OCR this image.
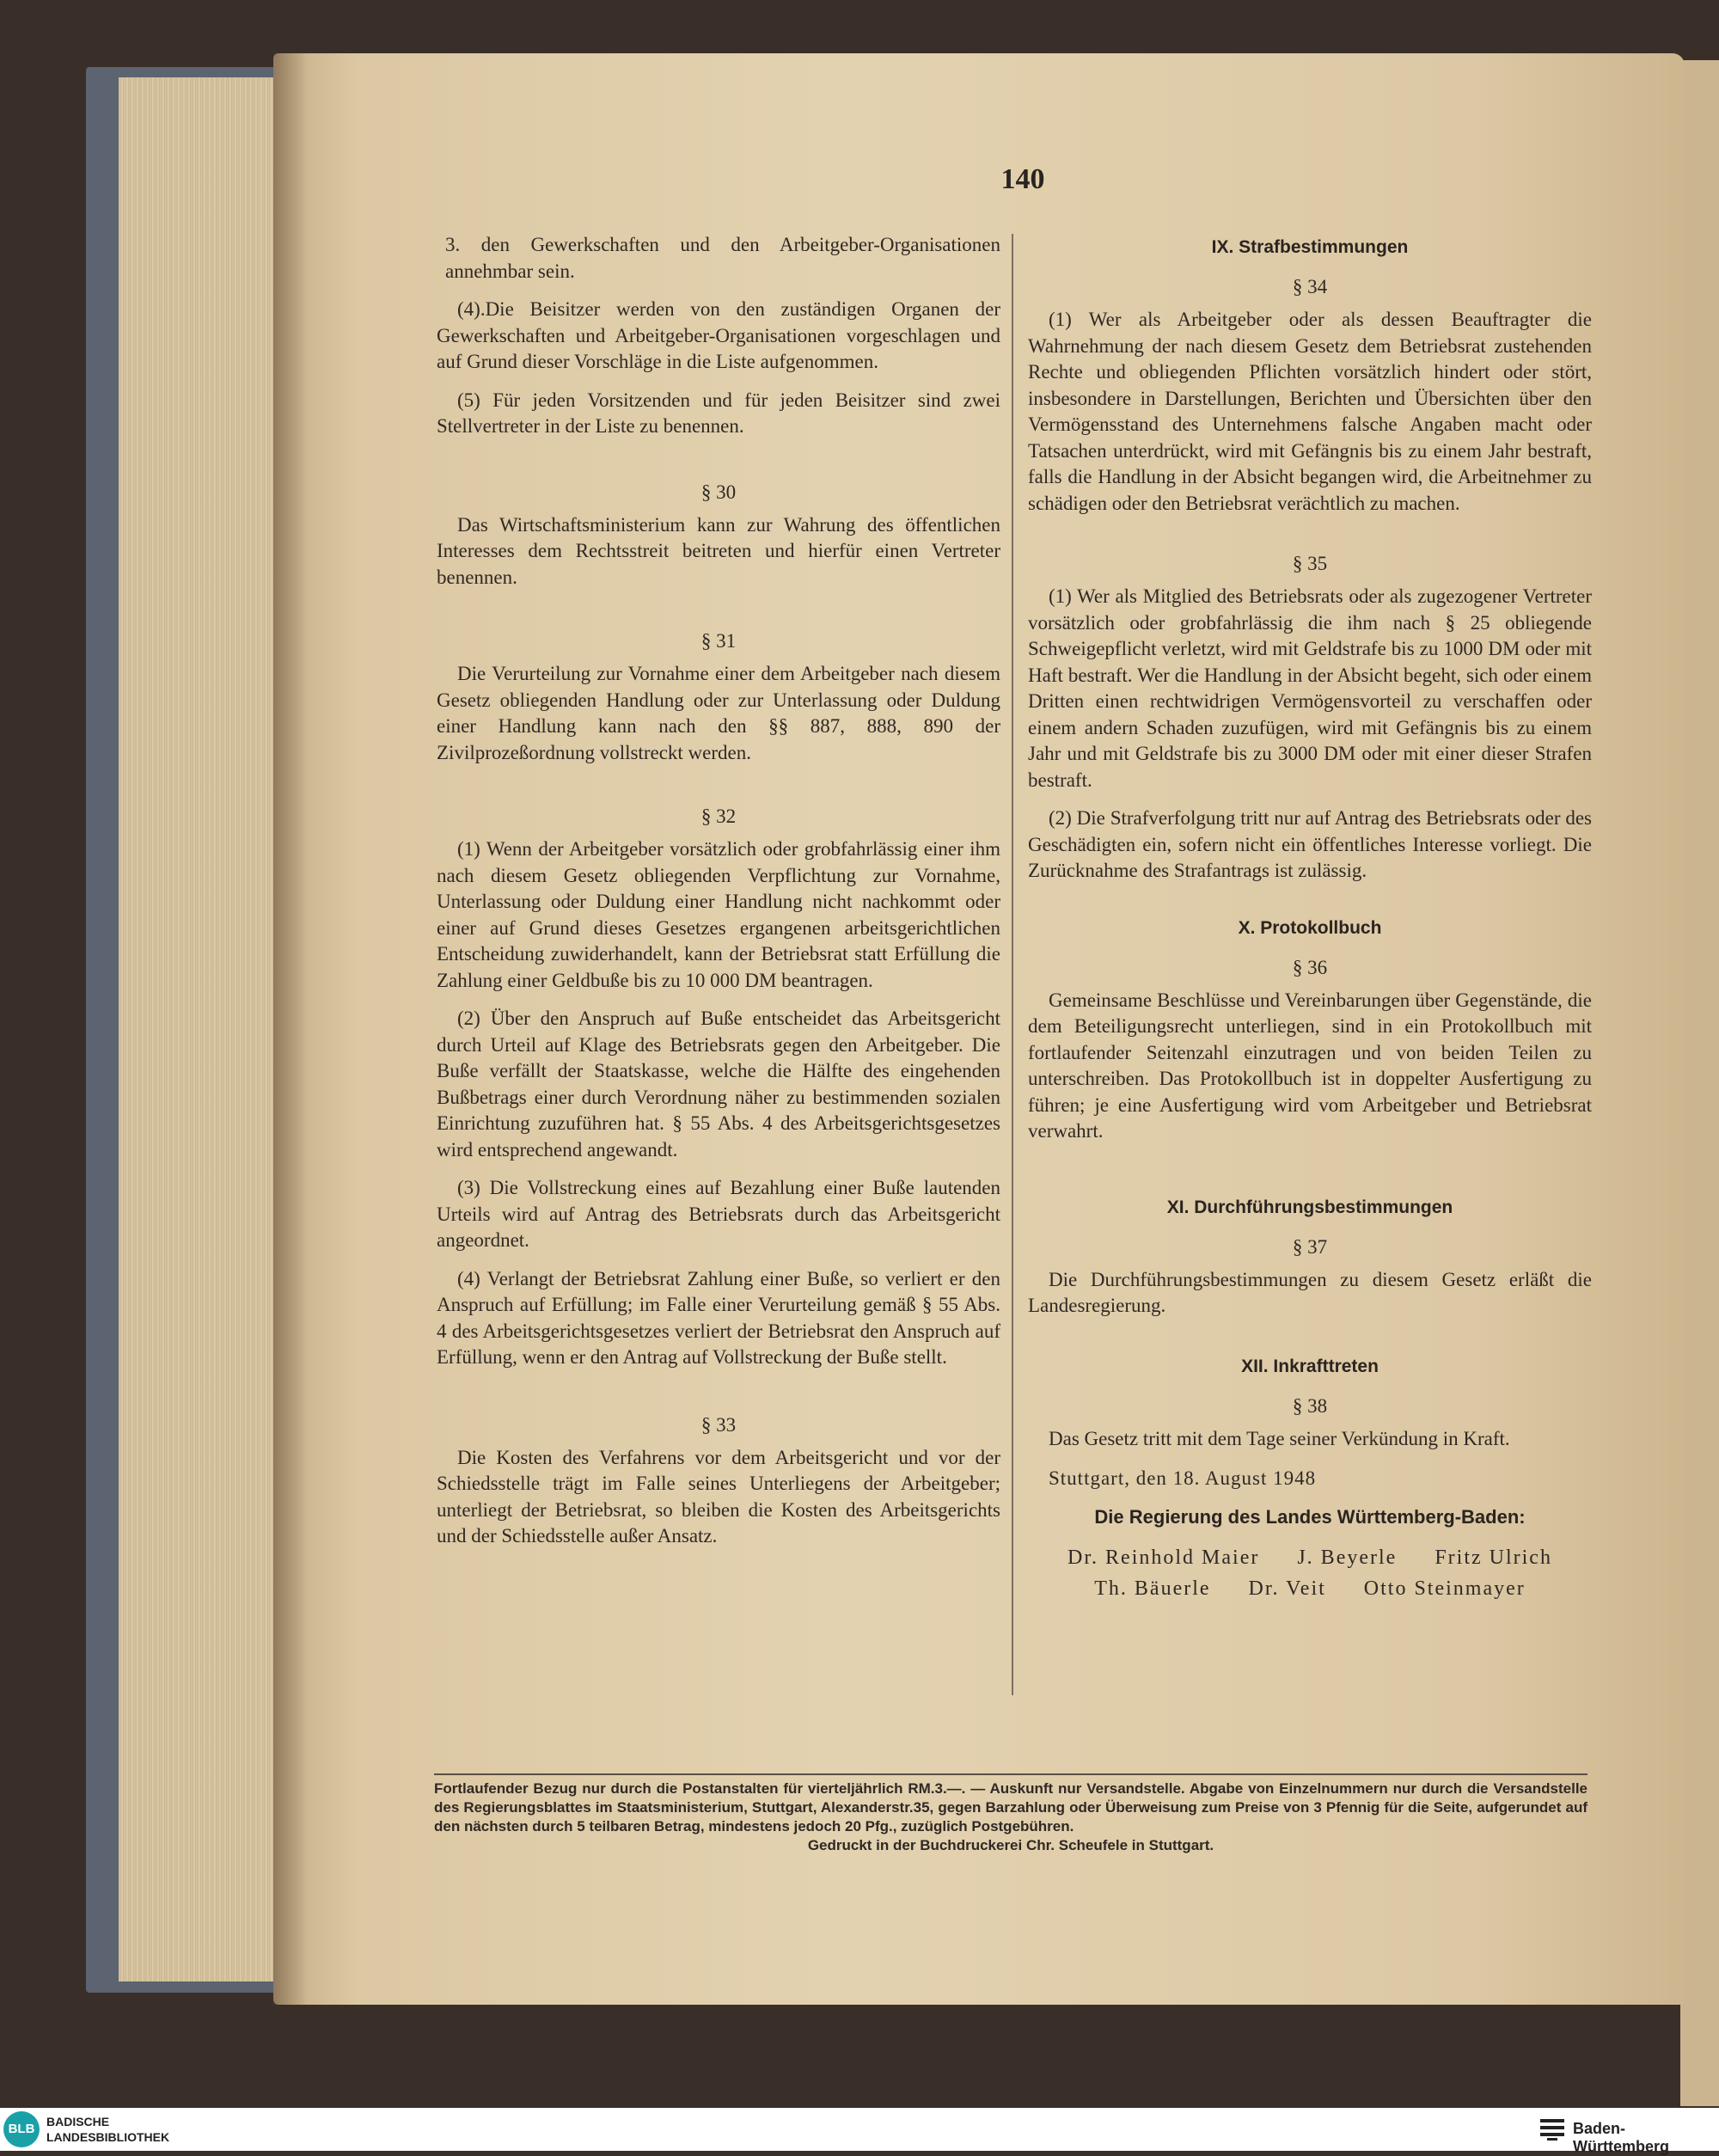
140

3. den Gewerkschaften und den Arbeitgeber-Organisationen annehmbar sein.

(4).Die Beisitzer werden von den zuständigen Organen der Gewerkschaften und Arbeitgeber-Organisationen vorgeschlagen und auf Grund dieser Vorschläge in die Liste aufgenommen.

(5) Für jeden Vorsitzenden und für jeden Beisitzer sind zwei Stellvertreter in der Liste zu benennen.

§ 30

Das Wirtschaftsministerium kann zur Wahrung des öffentlichen Interesses dem Rechtsstreit beitreten und hierfür einen Vertreter benennen.

§ 31

Die Verurteilung zur Vornahme einer dem Arbeitgeber nach diesem Gesetz obliegenden Handlung oder zur Unterlassung oder Duldung einer Handlung kann nach den §§ 887, 888, 890 der Zivilprozeßordnung vollstreckt werden.

§ 32

(1) Wenn der Arbeitgeber vorsätzlich oder grobfahrlässig einer ihm nach diesem Gesetz obliegenden Verpflichtung zur Vornahme, Unterlassung oder Duldung einer Handlung nicht nachkommt oder einer auf Grund dieses Gesetzes ergangenen arbeitsgerichtlichen Entscheidung zuwiderhandelt, kann der Betriebsrat statt Erfüllung die Zahlung einer Geldbuße bis zu 10 000 DM beantragen.

(2) Über den Anspruch auf Buße entscheidet das Arbeitsgericht durch Urteil auf Klage des Betriebsrats gegen den Arbeitgeber. Die Buße verfällt der Staatskasse, welche die Hälfte des eingehenden Bußbetrags einer durch Verordnung näher zu bestimmenden sozialen Einrichtung zuzuführen hat. § 55 Abs. 4 des Arbeitsgerichtsgesetzes wird entsprechend angewandt.

(3) Die Vollstreckung eines auf Bezahlung einer Buße lautenden Urteils wird auf Antrag des Betriebsrats durch das Arbeitsgericht angeordnet.

(4) Verlangt der Betriebsrat Zahlung einer Buße, so verliert er den Anspruch auf Erfüllung; im Falle einer Verurteilung gemäß § 55 Abs. 4 des Arbeitsgerichtsgesetzes verliert der Betriebsrat den Anspruch auf Erfüllung, wenn er den Antrag auf Vollstreckung der Buße stellt.

§ 33

Die Kosten des Verfahrens vor dem Arbeitsgericht und vor der Schiedsstelle trägt im Falle seines Unterliegens der Arbeitgeber; unterliegt der Betriebsrat, so bleiben die Kosten des Arbeitsgerichts und der Schiedsstelle außer Ansatz.

IX. Strafbestimmungen
§ 34

(1) Wer als Arbeitgeber oder als dessen Beauftragter die Wahrnehmung der nach diesem Gesetz dem Betriebsrat zustehenden Rechte und obliegenden Pflichten vorsätzlich hindert oder stört, insbesondere in Darstellungen, Berichten und Übersichten über den Vermögensstand des Unternehmens falsche Angaben macht oder Tatsachen unterdrückt, wird mit Gefängnis bis zu einem Jahr bestraft, falls die Handlung in der Absicht begangen wird, die Arbeitnehmer zu schädigen oder den Betriebsrat verächtlich zu machen.

§ 35

(1) Wer als Mitglied des Betriebsrats oder als zugezogener Vertreter vorsätzlich oder grobfahrlässig die ihm nach § 25 obliegende Schweigepflicht verletzt, wird mit Geldstrafe bis zu 1000 DM oder mit Haft bestraft. Wer die Handlung in der Absicht begeht, sich oder einem Dritten einen rechtwidrigen Vermögensvorteil zu verschaffen oder einem andern Schaden zuzufügen, wird mit Gefängnis bis zu einem Jahr und mit Geldstrafe bis zu 3000 DM oder mit einer dieser Strafen bestraft.

(2) Die Strafverfolgung tritt nur auf Antrag des Betriebsrats oder des Geschädigten ein, sofern nicht ein öffentliches Interesse vorliegt. Die Zurücknahme des Strafantrags ist zulässig.

X. Protokollbuch
§ 36

Gemeinsame Beschlüsse und Vereinbarungen über Gegenstände, die dem Beteiligungsrecht unterliegen, sind in ein Protokollbuch mit fortlaufender Seitenzahl einzutragen und von beiden Teilen zu unterschreiben. Das Protokollbuch ist in doppelter Ausfertigung zu führen; je eine Ausfertigung wird vom Arbeitgeber und Betriebsrat verwahrt.

XI. Durchführungsbestimmungen
§ 37

Die Durchführungsbestimmungen zu diesem Gesetz erläßt die Landesregierung.

XII. Inkrafttreten
§ 38

Das Gesetz tritt mit dem Tage seiner Verkündung in Kraft.

Stuttgart, den 18. August 1948

Die Regierung des Landes Württemberg-Baden:
Dr. Reinhold Maier J. Beyerle Fritz Ulrich
Th. Bäuerle Dr. Veit Otto Steinmayer
Fortlaufender Bezug nur durch die Postanstalten für vierteljährlich RM.3.—. — Auskunft nur Versandstelle. Abgabe von Einzelnummern nur durch die Versandstelle des Regierungsblattes im Staatsministerium, Stuttgart, Alexanderstr.35, gegen Barzahlung oder Überweisung zum Preise von 3 Pfennig für die Seite, aufgerundet auf den nächsten durch 5 teilbaren Betrag, mindestens jedoch 20 Pfg., zuzüglich Postgebühren.
Gedruckt in der Buchdruckerei Chr. Scheufele in Stuttgart.
BLB BADISCHE
LANDESBIBLIOTHEK	Baden-Württemberg
